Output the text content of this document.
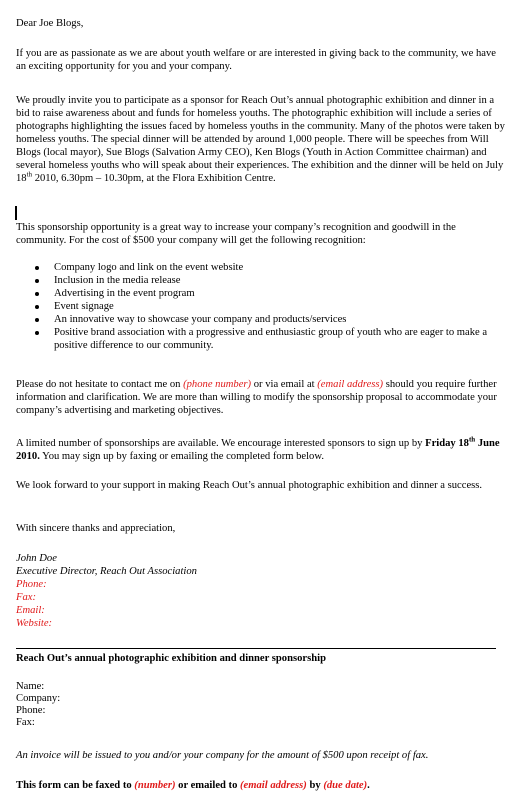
Dear Joe Blogs,

If you are as passionate as we are about youth welfare or are interested in giving back to the community, we have an exciting opportunity for you and your company.

We proudly invite you to participate as a sponsor for Reach Out’s annual photographic exhibition and dinner in a bid to raise awareness about and funds for homeless youths. The photographic exhibition will include a series of photographs highlighting the issues faced by homeless youths in the community. Many of the photos were taken by homeless youths. The special dinner will be attended by around 1,000 people. There will be speeches from Will Blogs (local mayor), Sue Blogs (Salvation Army CEO), Ken Blogs (Youth in Action Committee chairman) and several homeless youths who will speak about their experiences. The exhibition and the dinner will be held on July 18th 2010, 6.30pm – 10.30pm, at the Flora Exhibition Centre.

This sponsorship opportunity is a great way to increase your company’s recognition and goodwill in the community. For the cost of $500 your company will get the following recognition:

Company logo and link on the event website
Inclusion in the media release
Advertising in the event program
Event signage
An innovative way to showcase your company and products/services
Positive brand association with a progressive and enthusiastic group of youth who are eager to make a positive difference to our community.

Please do not hesitate to contact me on (phone number) or via email at (email address) should you require further information and clarification. We are more than willing to modify the sponsorship proposal to accommodate your company’s advertising and marketing objectives.

A limited number of sponsorships are available. We encourage interested sponsors to sign up by Friday 18th June 2010. You may sign up by faxing or emailing the completed form below.

We look forward to your support in making Reach Out’s annual photographic exhibition and dinner a success.

With sincere thanks and appreciation,

John Doe
Executive Director, Reach Out Association
Phone:
Fax:
Email:
Website:
Reach Out’s annual photographic exhibition and dinner sponsorship
Name:
Company:
Phone:
Fax:

An invoice will be issued to you and/or your company for the amount of $500 upon receipt of fax.

This form can be faxed to (number) or emailed to (email address) by (due date).
